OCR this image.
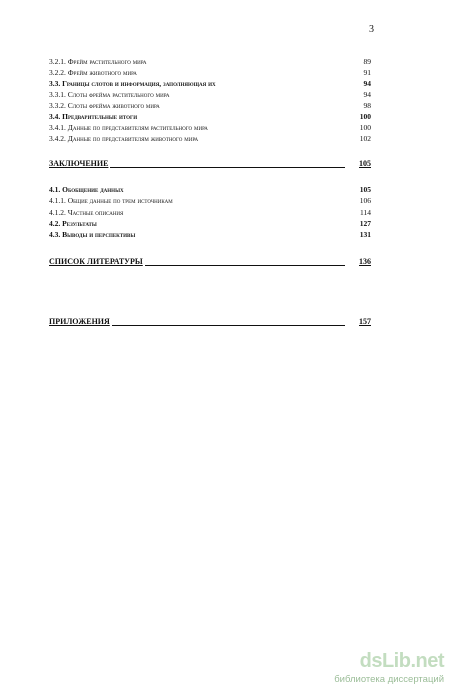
3
3.2.1. Фрейм растительного мира	89
3.2.2. Фрейм животного мира	91
3.3. Границы слотов и информация, заполняющая их	94
3.3.1. Слоты фрейма растительного мира	94
3.3.2. Слоты фрейма животного мира	98
3.4. Предварительные итоги	100
3.4.1. Данные по представителям растительного мира	100
3.4.2. Данные по представителям животного мира	102
ЗАКЛЮЧЕНИЕ	105
4.1. Обобщение данных	105
4.1.1. Общие данные по трем источникам	106
4.1.2. Частные описания	114
4.2. Результаты	127
4.3. Выводы и перспективы	131
СПИСОК ЛИТЕРАТУРЫ	136
ПРИЛОЖЕНИЯ	157
dsLib.net
библиотека диссертаций
